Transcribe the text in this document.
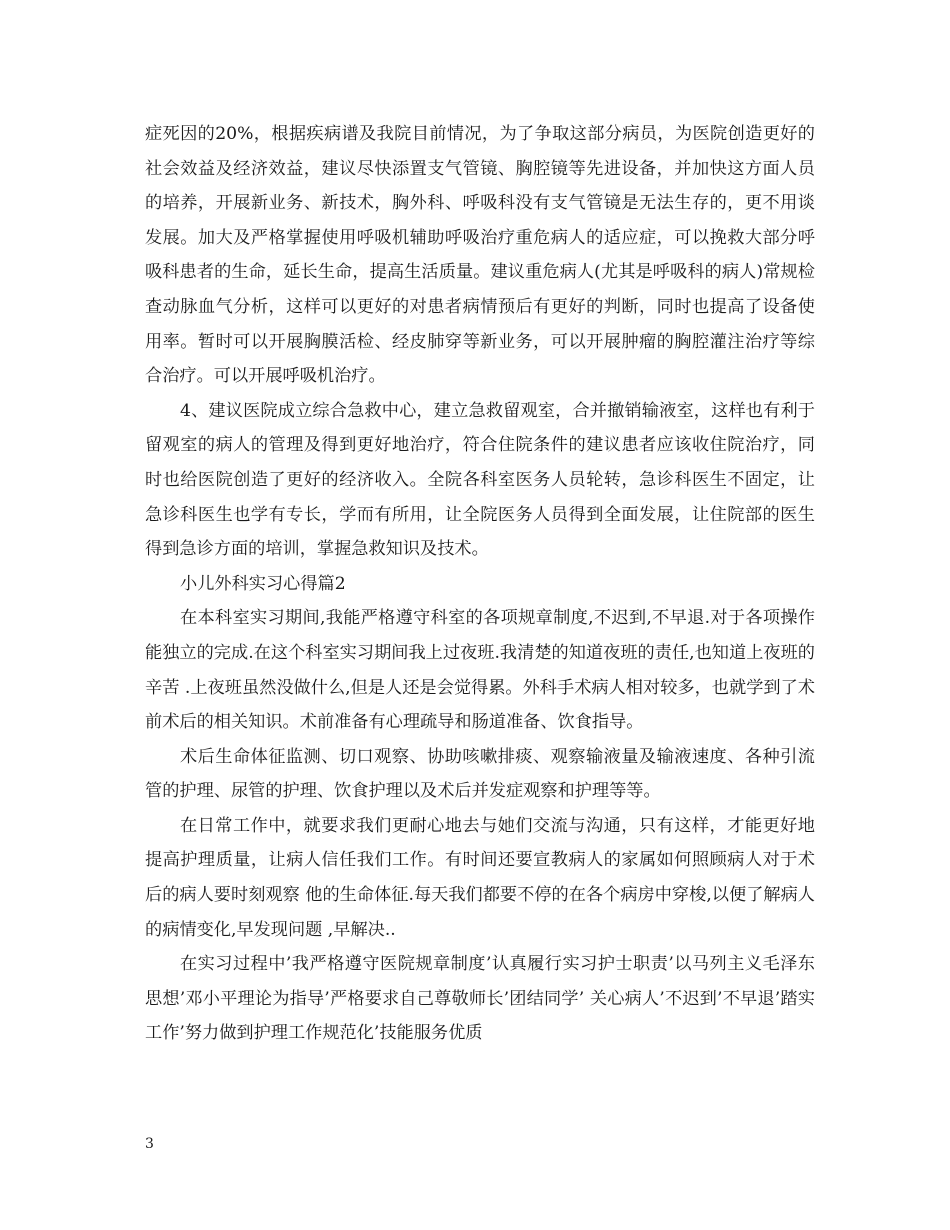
症死因的20%，根据疾病谱及我院目前情况，为了争取这部分病员，为医院创造更好的社会效益及经济效益，建议尽快添置支气管镜、胸腔镜等先进设备，并加快这方面人员的培养，开展新业务、新技术，胸外科、呼吸科没有支气管镜是无法生存的，更不用谈发展。加大及严格掌握使用呼吸机辅助呼吸治疗重危病人的适应症，可以挽救大部分呼吸科患者的生命，延长生命，提高生活质量。建议重危病人(尤其是呼吸科的病人)常规检查动脉血气分析，这样可以更好的对患者病情预后有更好的判断，同时也提高了设备使用率。暂时可以开展胸膜活检、经皮肺穿等新业务，可以开展肿瘤的胸腔灌注治疗等综合治疗。可以开展呼吸机治疗。

4、建议医院成立综合急救中心，建立急救留观室，合并撤销输液室，这样也有利于留观室的病人的管理及得到更好地治疗，符合住院条件的建议患者应该收住院治疗，同时也给医院创造了更好的经济收入。全院各科室医务人员轮转，急诊科医生不固定，让急诊科医生也学有专长，学而有所用，让全院医务人员得到全面发展，让住院部的医生得到急诊方面的培训，掌握急救知识及技术。

小儿外科实习心得篇2

在本科室实习期间,我能严格遵守科室的各项规章制度,不迟到,不早退.对于各项操作能独立的完成.在这个科室实习期间我上过夜班.我清楚的知道夜班的责任,也知道上夜班的辛苦 .上夜班虽然没做什么,但是人还是会觉得累。外科手术病人相对较多，也就学到了术前术后的相关知识。术前准备有心理疏导和肠道准备、饮食指导。

术后生命体征监测、切口观察、协助咳嗽排痰、观察输液量及输液速度、各种引流管的护理、尿管的护理、饮食护理以及术后并发症观察和护理等等。

在日常工作中，就要求我们更耐心地去与她们交流与沟通，只有这样，才能更好地提高护理质量，让病人信任我们工作。有时间还要宣教病人的家属如何照顾病人对于术后的病人要时刻观察 他的生命体征.每天我们都要不停的在各个病房中穿梭,以便了解病人的病情变化,早发现问题 ,早解决..

在实习过程中’我严格遵守医院规章制度’认真履行实习护士职责’以马列主义毛泽东思想’邓小平理论为指导’严格要求自己尊敬师长’团结同学’ 关心病人’不迟到’不早退’踏实工作’努力做到护理工作规范化’技能服务优质

3
